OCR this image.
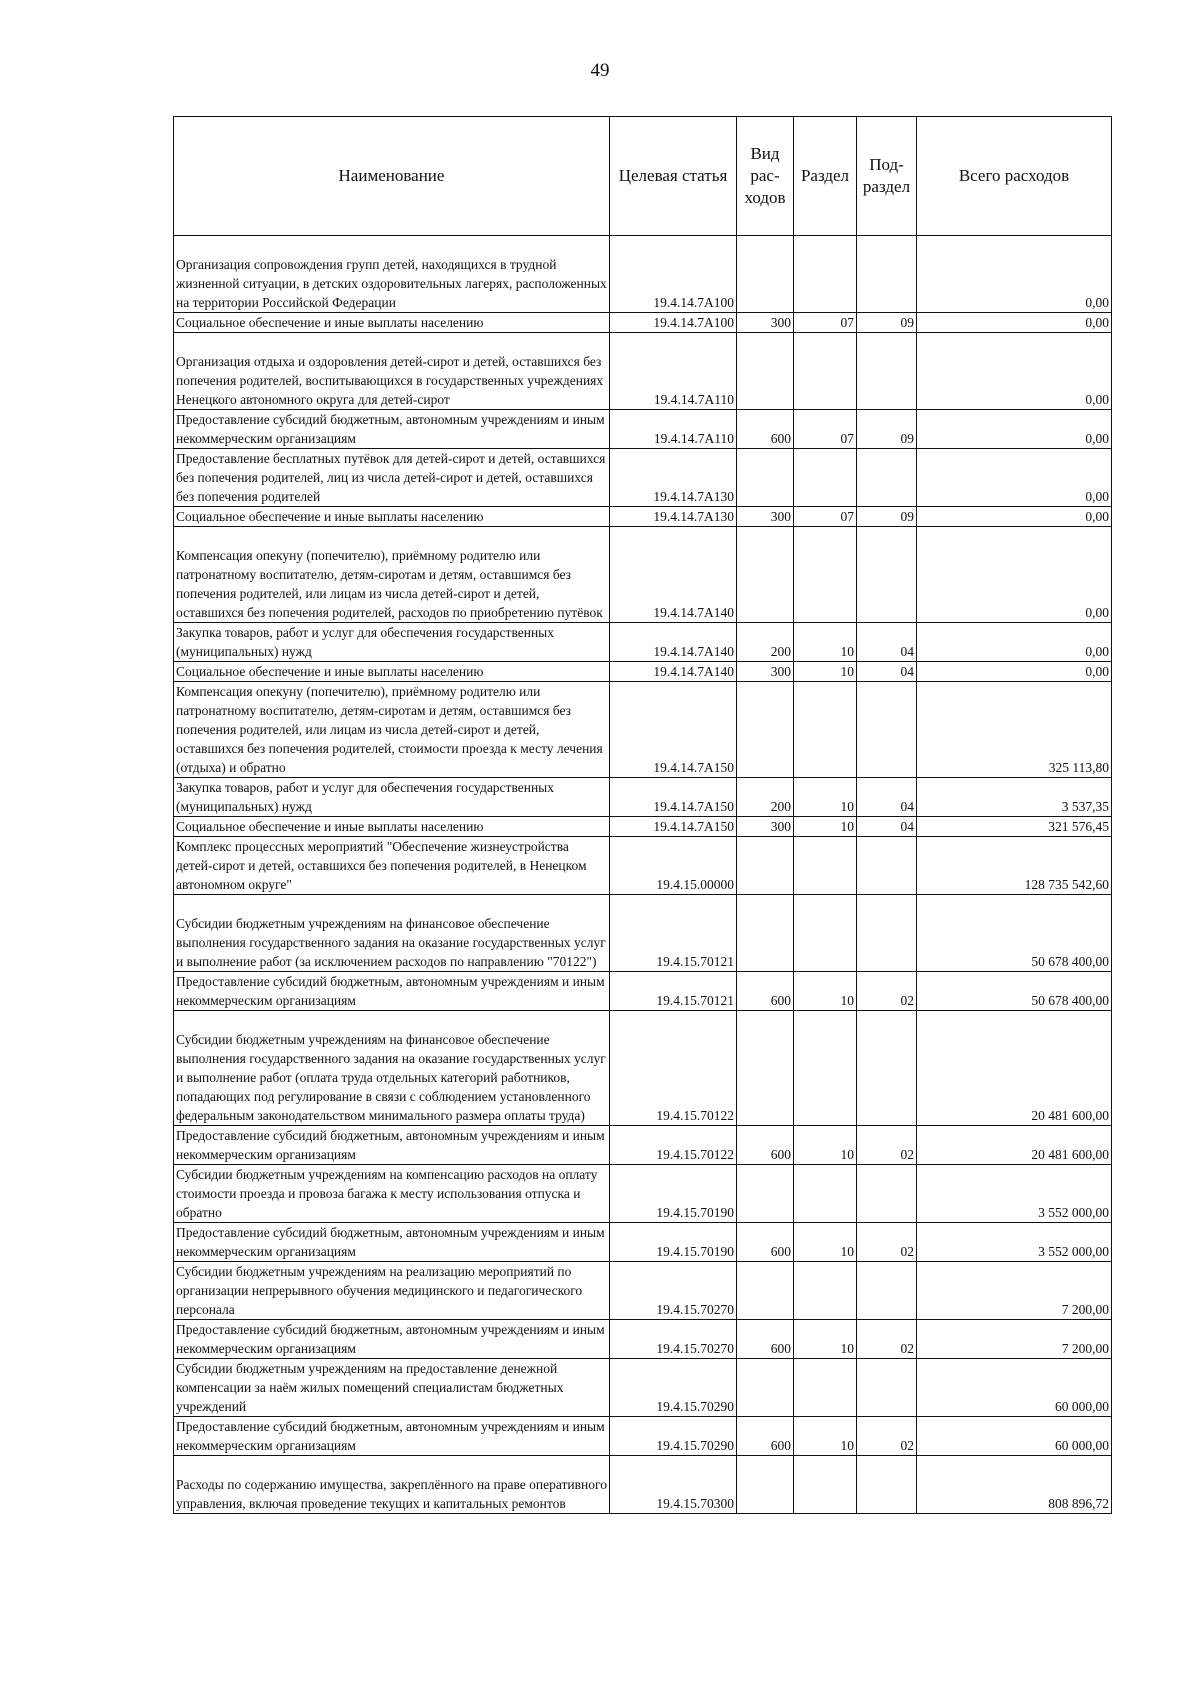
49
Наименование	Целевая статья	Вид рас-ходов	Раздел	Под-раздел	Всего расходов
Организация сопровождения групп детей, находящихся в трудной жизненной ситуации, в детских оздоровительных лагерях, расположенных на территории Российской Федерации	19.4.14.7А100				0,00
Социальное обеспечение и иные выплаты населению	19.4.14.7А100	300	07	09	0,00
Организация отдыха и оздоровления детей-сирот и детей, оставшихся без попечения родителей, воспитывающихся в государственных учреждениях Ненецкого автономного округа для детей-сирот	19.4.14.7А110				0,00
Предоставление субсидий бюджетным, автономным учреждениям и иным некоммерческим организациям	19.4.14.7А110	600	07	09	0,00
Предоставление бесплатных путёвок для детей-сирот и детей, оставшихся без попечения родителей, лиц из числа детей-сирот и детей, оставшихся без попечения родителей	19.4.14.7А130				0,00
Социальное обеспечение и иные выплаты населению	19.4.14.7А130	300	07	09	0,00
Компенсация опекуну (попечителю), приёмному родителю или патронатному воспитателю, детям-сиротам и детям, оставшимся без попечения родителей, или лицам из числа детей-сирот и детей, оставшихся без попечения родителей, расходов по приобретению путёвок	19.4.14.7А140				0,00
Закупка товаров, работ и услуг для обеспечения государственных (муниципальных) нужд	19.4.14.7А140	200	10	04	0,00
Социальное обеспечение и иные выплаты населению	19.4.14.7А140	300	10	04	0,00
Компенсация опекуну (попечителю), приёмному родителю или патронатному воспитателю, детям-сиротам и детям, оставшимся без попечения родителей, или лицам из числа детей-сирот и детей, оставшихся без попечения родителей, стоимости проезда к месту лечения (отдыха) и обратно	19.4.14.7А150				325 113,80
Закупка товаров, работ и услуг для обеспечения государственных (муниципальных) нужд	19.4.14.7А150	200	10	04	3 537,35
Социальное обеспечение и иные выплаты населению	19.4.14.7А150	300	10	04	321 576,45
Комплекс процессных мероприятий "Обеспечение жизнеустройства детей-сирот и детей, оставшихся без попечения родителей, в Ненецком автономном округе"	19.4.15.00000				128 735 542,60
Субсидии бюджетным учреждениям на финансовое обеспечение выполнения государственного задания на оказание государственных услуг и выполнение работ (за исключением расходов по направлению "70122")	19.4.15.70121				50 678 400,00
Предоставление субсидий бюджетным, автономным учреждениям и иным некоммерческим организациям	19.4.15.70121	600	10	02	50 678 400,00
Субсидии бюджетным учреждениям на финансовое обеспечение выполнения государственного задания на оказание государственных услуг и выполнение работ (оплата труда отдельных категорий работников, попадающих под регулирование в связи с соблюдением установленного федеральным законодательством минимального размера оплаты труда)	19.4.15.70122				20 481 600,00
Предоставление субсидий бюджетным, автономным учреждениям и иным некоммерческим организациям	19.4.15.70122	600	10	02	20 481 600,00
Субсидии бюджетным учреждениям на компенсацию расходов на оплату стоимости проезда и провоза багажа к месту использования отпуска и обратно	19.4.15.70190				3 552 000,00
Предоставление субсидий бюджетным, автономным учреждениям и иным некоммерческим организациям	19.4.15.70190	600	10	02	3 552 000,00
Субсидии бюджетным учреждениям на реализацию мероприятий по организации непрерывного обучения медицинского и педагогического персонала	19.4.15.70270				7 200,00
Предоставление субсидий бюджетным, автономным учреждениям и иным некоммерческим организациям	19.4.15.70270	600	10	02	7 200,00
Субсидии бюджетным учреждениям на предоставление денежной компенсации за наём жилых помещений специалистам бюджетных учреждений	19.4.15.70290				60 000,00
Предоставление субсидий бюджетным, автономным учреждениям и иным некоммерческим организациям	19.4.15.70290	600	10	02	60 000,00
Расходы по содержанию имущества, закреплённого на праве оперативного управления, включая проведение текущих и капитальных ремонтов	19.4.15.70300				808 896,72
